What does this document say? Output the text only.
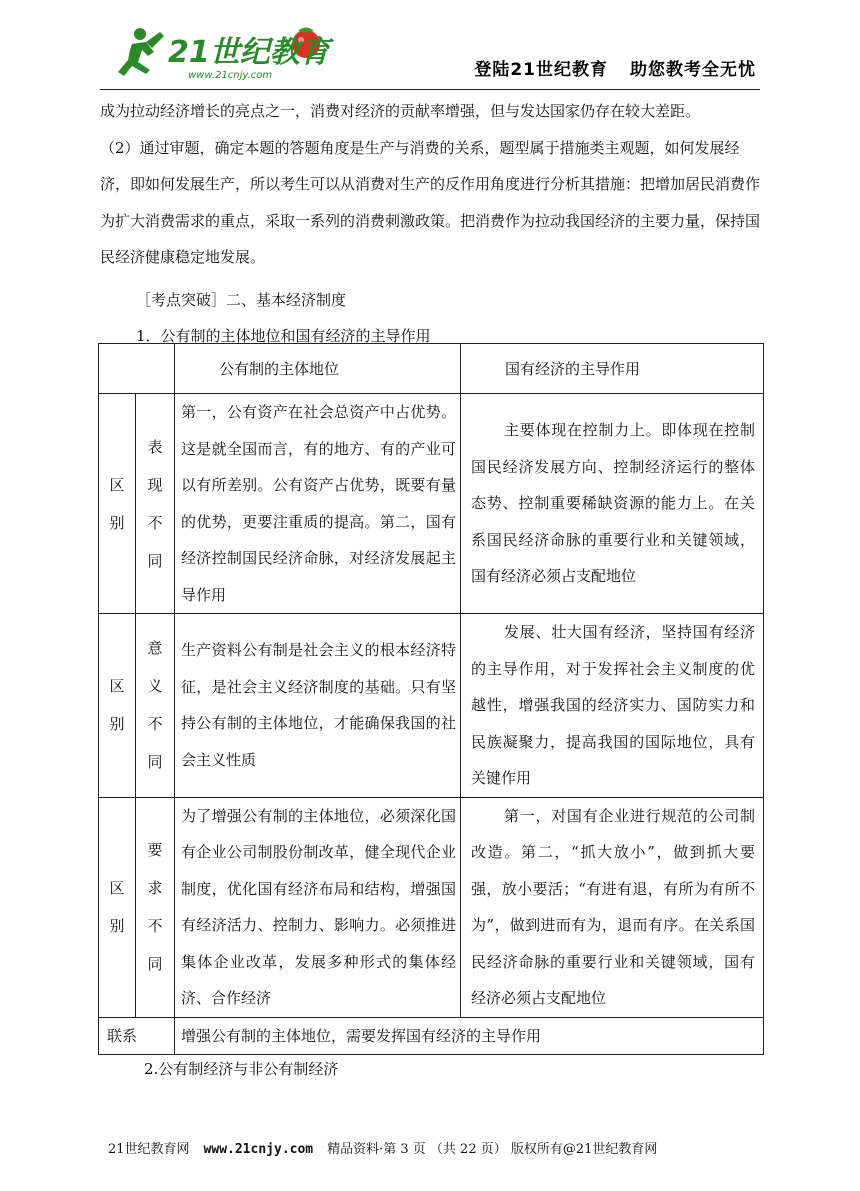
21世纪教育
www.21cnjy.com	登陆21世纪教育 助您教考全无忧

成为拉动经济增长的亮点之一，消费对经济的贡献率增强，但与发达国家仍存在较大差距。

（2）通过审题，确定本题的答题角度是生产与消费的关系，题型属于措施类主观题，如何发展经济，即如何发展生产，所以考生可以从消费对生产的反作用角度进行分析其措施：把增加居民消费作为扩大消费需求的重点，采取一系列的消费刺激政策。把消费作为拉动我国经济的主要力量，保持国民经济健康稳定地发展。

［考点突破］二、基本经济制度

1．公有制的主体地位和国有经济的主导作用

		公有制的主体地位	国有经济的主导作用

区别	表现不同	第一，公有资产在社会总资产中占优势。这是就全国而言，有的地方、有的产业可以有所差别。公有资产占优势，既要有量的优势，更要注重质的提高。第二，国有经济控制国民经济命脉，对经济发展起主导作用	主要体现在控制力上。即体现在控制国民经济发展方向、控制经济运行的整体态势、控制重要稀缺资源的能力上。在关系国民经济命脉的重要行业和关键领域，国有经济必须占支配地位

区别	意义不同	生产资料公有制是社会主义的根本经济特征，是社会主义经济制度的基础。只有坚持公有制的主体地位，才能确保我国的社会主义性质	发展、壮大国有经济，坚持国有经济的主导作用，对于发挥社会主义制度的优越性，增强我国的经济实力、国防实力和民族凝聚力，提高我国的国际地位，具有关键作用

区别	要求不同	为了增强公有制的主体地位，必须深化国有企业公司制股份制改革，健全现代企业制度，优化国有经济布局和结构，增强国有经济活力、控制力、影响力。必须推进集体企业改革，发展多种形式的集体经济、合作经济	第一，对国有企业进行规范的公司制改造。第二，“抓大放小”，做到抓大要强，放小要活；“有进有退，有所为有所不为”，做到进而有为，退而有序。在关系国民经济命脉的重要行业和关键领域，国有经济必须占支配地位

联系		增强公有制的主体地位，需要发挥国有经济的主导作用	
2.公有制经济与非公有制经济
21世纪教育网 www.21cnjy.com 精品资料·第 3 页 （共 22 页） 版权所有@21世纪教育网
